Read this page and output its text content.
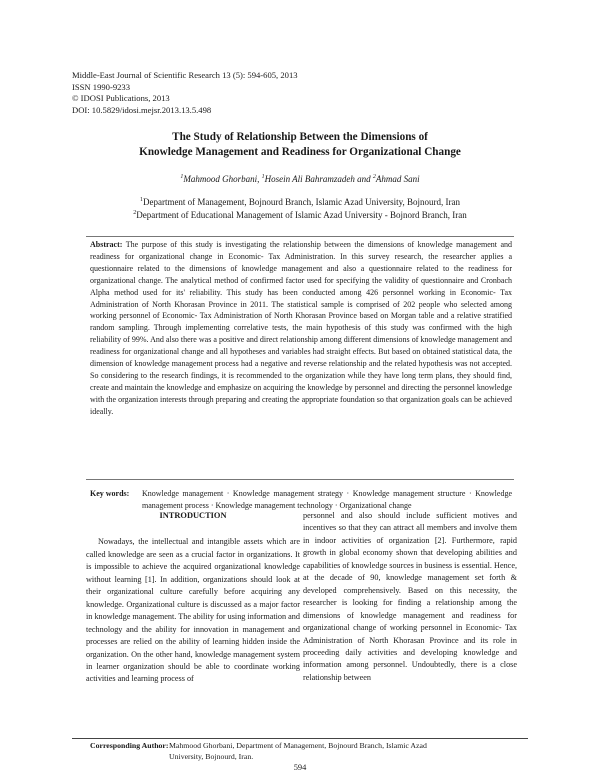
Middle-East Journal of Scientific Research 13 (5): 594-605, 2013
ISSN 1990-9233
© IDOSI Publications, 2013
DOI: 10.5829/idosi.mejsr.2013.13.5.498
The Study of Relationship Between the Dimensions of
Knowledge Management and Readiness for Organizational Change
$^1$Mahmood Ghorbani, $^1$Hosein Ali Bahramzadeh and $^2$Ahmad Sani
$^1$Department of Management, Bojnourd Branch, Islamic Azad University, Bojnourd, Iran
$^2$Department of Educational Management of Islamic Azad University - Bojnord Branch, Iran

Abstract: The purpose of this study is investigating the relationship between the dimensions of knowledge management and readiness for organizational change in Economic- Tax Administration. In this survey research, the researcher applies a questionnaire related to the dimensions of knowledge management and also a questionnaire related to the readiness for organizational change. The analytical method of confirmed factor used for specifying the validity of questionnaire and Cronbach Alpha method used for its' reliability. This study has been conducted among 426 personnel working in Economic- Tax Administration of North Khorasan Province in 2011. The statistical sample is comprised of 202 people who selected among working personnel of Economic- Tax Administration of North Khorasan Province based on Morgan table and a relative stratified random sampling. Through implementing correlative tests, the main hypothesis of this study was confirmed with the high reliability of 99%. And also there was a positive and direct relationship among different dimensions of knowledge management and readiness for organizational change and all hypotheses and variables had straight effects. But based on obtained statistical data, the dimension of knowledge management process had a negative and reverse relationship and the related hypothesis was not accepted. So considering to the research findings, it is recommended to the organization while they have long term plans, they should find, create and maintain the knowledge and emphasize on acquiring the knowledge by personnel and directing the personnel knowledge with the organization interests through preparing and creating the appropriate foundation so that organization goals can be achieved ideally.

Key words: Knowledge management · Knowledge management strategy · Knowledge management structure · Knowledge management process · Knowledge management technology · Organizational change
INTRODUCTION

Nowadays, the intellectual and intangible assets which are called knowledge are seen as a crucial factor in organizations. It is impossible to achieve the acquired organizational knowledge without learning [1]. In addition, organizations should look at their organizational culture carefully before acquiring any knowledge. Organizational culture is discussed as a major factor in knowledge management. The ability for using information and technology and the ability for innovation in management and processes are relied on the ability of learning hidden inside the organization. On the other hand, knowledge management system in learner organization should be able to coordinate working activities and learning process of

personnel and also should include sufficient motives and incentives so that they can attract all members and involve them in indoor activities of organization [2]. Furthermore, rapid growth in global economy shown that developing abilities and capabilities of knowledge sources in business is essential. Hence, at the decade of 90, knowledge management set forth & developed comprehensively. Based on this necessity, the researcher is looking for finding a relationship among the dimensions of knowledge management and readiness for organizational change of working personnel in Economic- Tax Administration of North Khorasan Province and its role in proceeding daily activities and developing knowledge and information among personnel. Undoubtedly, there is a close relationship between

Corresponding Author: Mahmood Ghorbani, Department of Management, Bojnourd Branch, Islamic Azad University, Bojnourd, Iran.
594
